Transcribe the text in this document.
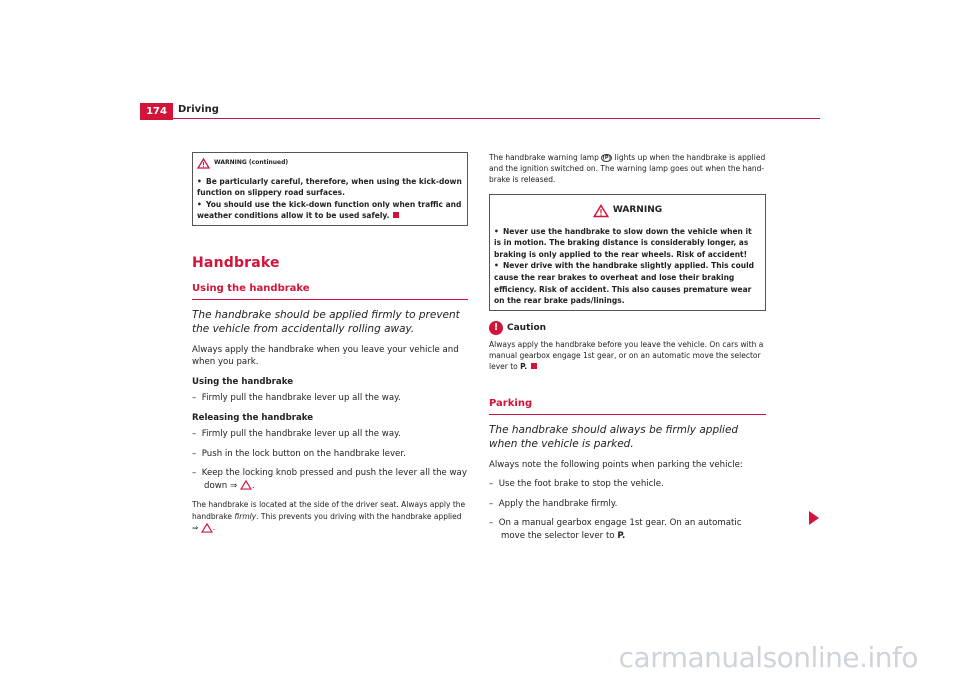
174	Driving
WARNING (continued)

• Be particularly careful, therefore, when using the kick-down function on slippery road surfaces.

• You should use the kick-down function only when traffic and weather conditions allow it to be used safely.

Handbrake
Using the handbrake
The handbrake should be applied firmly to prevent the vehicle from accidentally rolling away.
Always apply the handbrake when you leave your vehicle and when you park.
Using the handbrake
– Firmly pull the handbrake lever up all the way.
Releasing the handbrake
– Firmly pull the handbrake lever up all the way.
– Push in the lock button on the handbrake lever.
– Keep the locking knob pressed and push the lever all the way down ⇒ .
The handbrake is located at the side of the driver seat. Always apply the handbrake firmly. This prevents you driving with the handbrake applied ⇒ .
The handbrake warning lamp (P) lights up when the handbrake is applied and the ignition switched on. The warning lamp goes out when the hand-brake is released.
WARNING

• Never use the handbrake to slow down the vehicle when it is in motion. The braking distance is considerably longer, as braking is only applied to the rear wheels. Risk of accident!

• Never drive with the handbrake slightly applied. This could cause the rear brakes to overheat and lose their braking efficiency. Risk of accident. This also causes premature wear on the rear brake pads/linings.

! Caution
Always apply the handbrake before you leave the vehicle. On cars with a manual gearbox engage 1st gear, or on an automatic move the selector lever to P.
Parking
The handbrake should always be firmly applied when the vehicle is parked.
Always note the following points when parking the vehicle:
– Use the foot brake to stop the vehicle.
– Apply the handbrake firmly.
– On a manual gearbox engage 1st gear. On an automatic move the selector lever to P.
carmanualsonline.info
